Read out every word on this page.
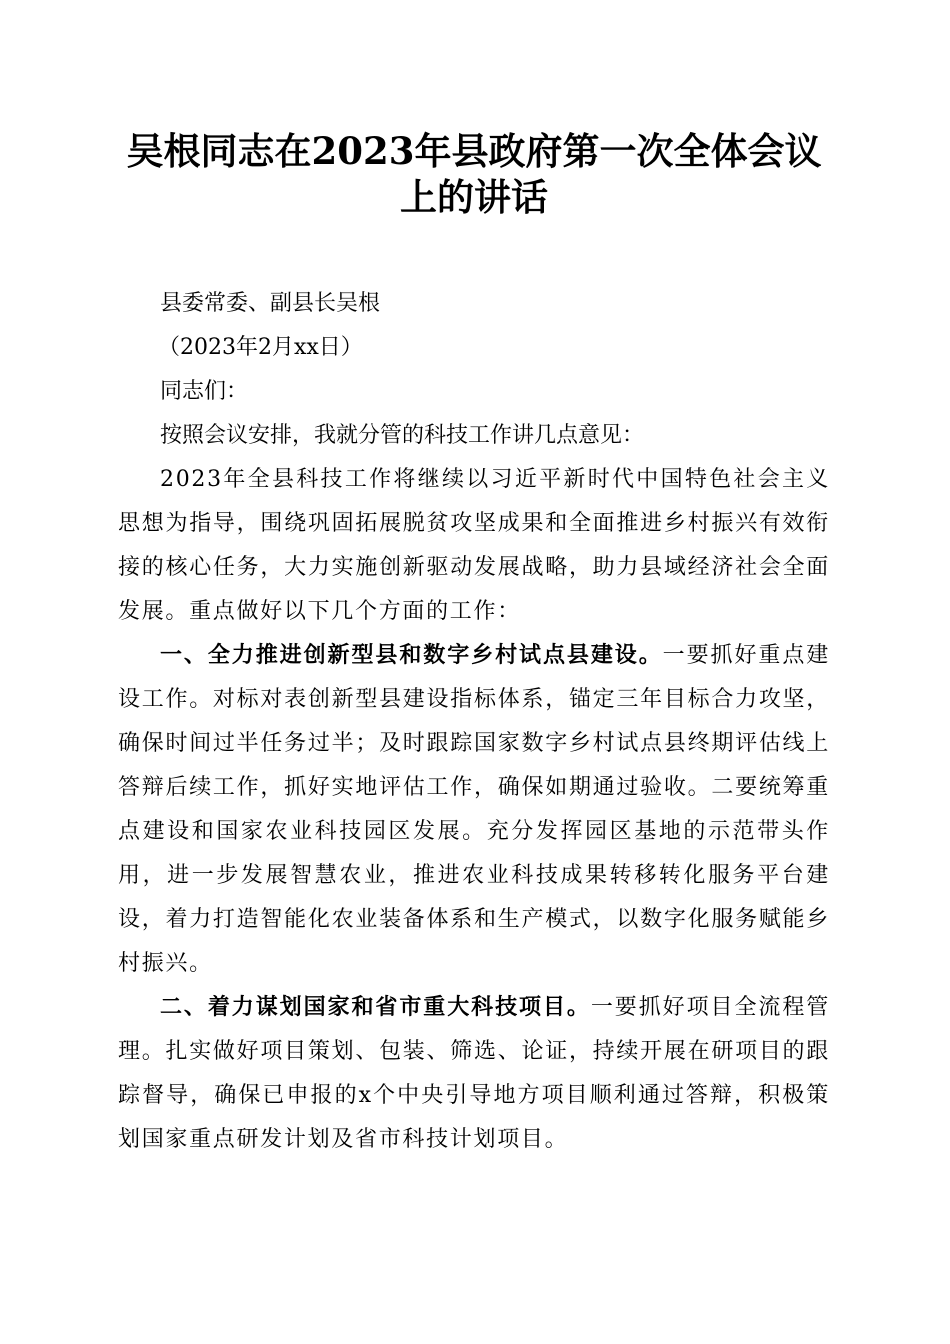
吴根同志在2023年县政府第一次全体会议上的讲话

县委常委、副县长吴根

（2023年2月xx日）

同志们：

按照会议安排，我就分管的科技工作讲几点意见：

2023年全县科技工作将继续以习近平新时代中国特色社会主义思想为指导，围绕巩固拓展脱贫攻坚成果和全面推进乡村振兴有效衔接的核心任务，大力实施创新驱动发展战略，助力县域经济社会全面发展。重点做好以下几个方面的工作：

一、全力推进创新型县和数字乡村试点县建设。一要抓好重点建设工作。对标对表创新型县建设指标体系，锚定三年目标合力攻坚，确保时间过半任务过半；及时跟踪国家数字乡村试点县终期评估线上答辩后续工作，抓好实地评估工作，确保如期通过验收。二要统筹重点建设和国家农业科技园区发展。充分发挥园区基地的示范带头作用，进一步发展智慧农业，推进农业科技成果转移转化服务平台建设，着力打造智能化农业装备体系和生产模式，以数字化服务赋能乡村振兴。

二、着力谋划国家和省市重大科技项目。一要抓好项目全流程管理。扎实做好项目策划、包装、筛选、论证，持续开展在研项目的跟踪督导，确保已申报的x个中央引导地方项目顺利通过答辩，积极策划国家重点研发计划及省市科技计划项目。
